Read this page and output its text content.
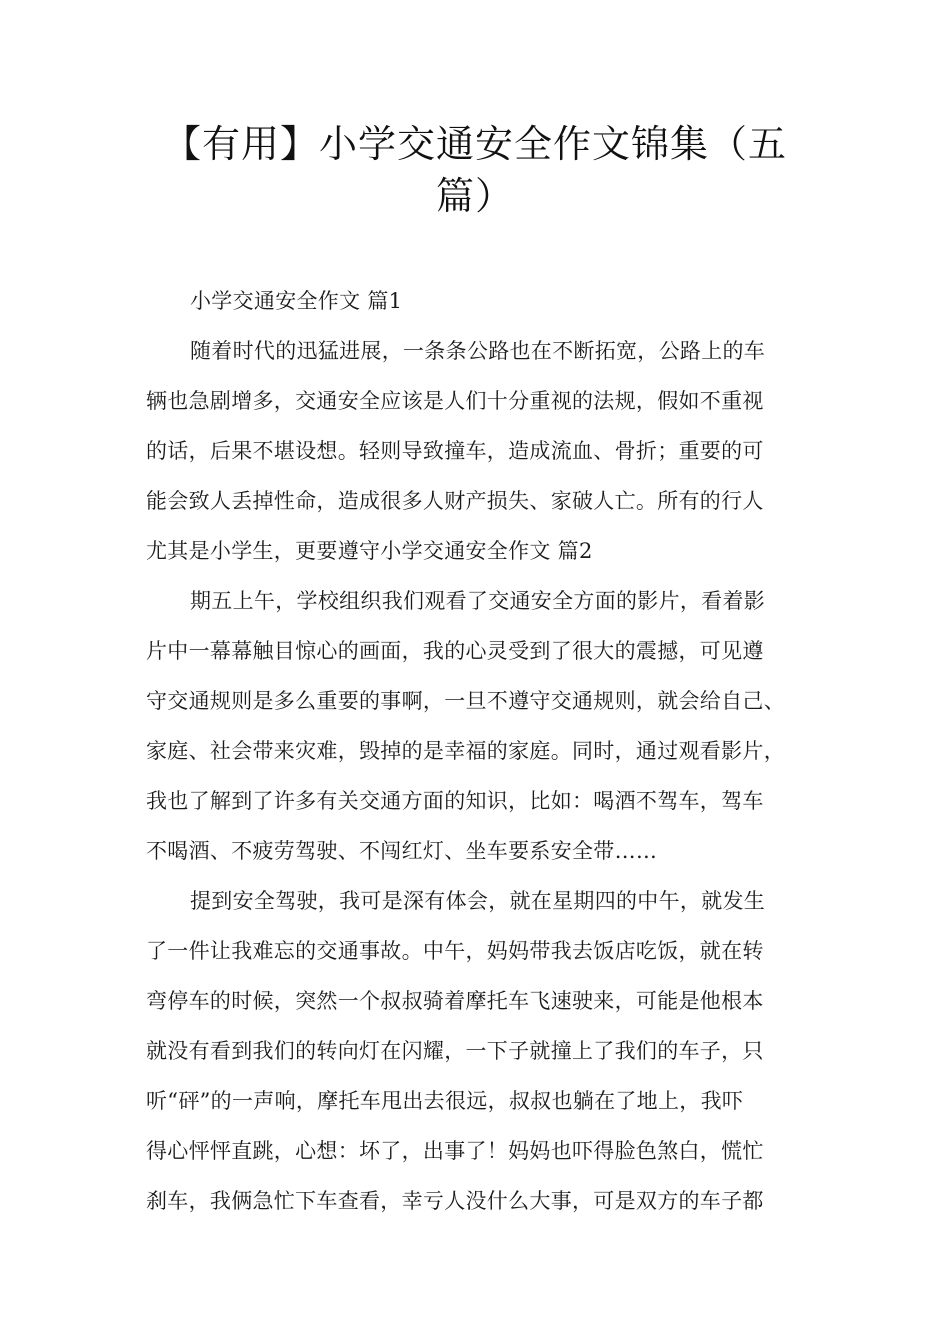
【有用】小学交通安全作文锦集（五
篇）
小学交通安全作文 篇1
随着时代的迅猛进展，一条条公路也在不断拓宽，公路上的车
辆也急剧增多，交通安全应该是人们十分重视的法规，假如不重视
的话，后果不堪设想。轻则导致撞车，造成流血、骨折；重要的可
能会致人丢掉性命，造成很多人财产损失、家破人亡。所有的行人
尤其是小学生，更要遵守小学交通安全作文 篇2
期五上午，学校组织我们观看了交通安全方面的影片，看着影
片中一幕幕触目惊心的画面，我的心灵受到了很大的震撼，可见遵
守交通规则是多么重要的事啊，一旦不遵守交通规则，就会给自己、
家庭、社会带来灾难，毁掉的是幸福的家庭。同时，通过观看影片，
我也了解到了许多有关交通方面的知识，比如：喝酒不驾车，驾车
不喝酒、不疲劳驾驶、不闯红灯、坐车要系安全带……
提到安全驾驶，我可是深有体会，就在星期四的中午，就发生
了一件让我难忘的交通事故。中午，妈妈带我去饭店吃饭，就在转
弯停车的时候，突然一个叔叔骑着摩托车飞速驶来，可能是他根本
就没有看到我们的转向灯在闪耀，一下子就撞上了我们的车子，只
听“砰”的一声响，摩托车甩出去很远，叔叔也躺在了地上，我吓
得心怦怦直跳，心想：坏了，出事了！妈妈也吓得脸色煞白，慌忙
刹车，我俩急忙下车查看，幸亏人没什么大事，可是双方的车子都
